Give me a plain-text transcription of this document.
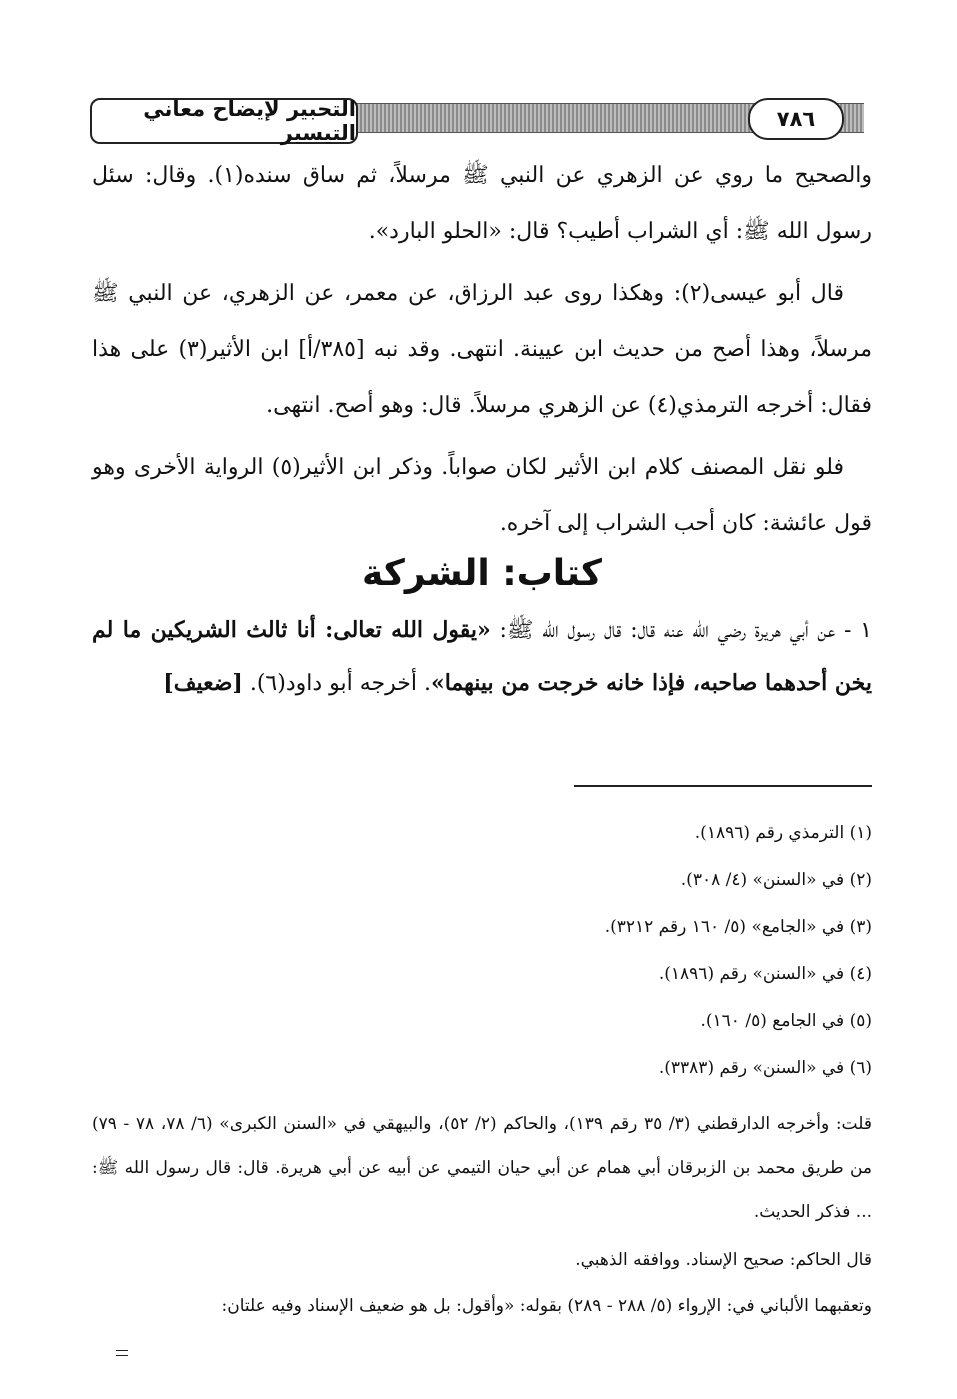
التحبير لإيضاح معاني التيسير
٧٨٦

والصحيح ما روي عن الزهري عن النبي ﷺ مرسلاً، ثم ساق سنده(١). وقال: سئل رسول الله ﷺ: أي الشراب أطيب؟ قال: «الحلو البارد».

قال أبو عيسى(٢): وهكذا روى عبد الرزاق، عن معمر، عن الزهري، عن النبي ﷺ مرسلاً، وهذا أصح من حديث ابن عيينة. انتهى. وقد نبه [٣٨٥/أ] ابن الأثير(٣) على هذا فقال: أخرجه الترمذي(٤) عن الزهري مرسلاً. قال: وهو أصح. انتهى.

فلو نقل المصنف كلام ابن الأثير لكان صواباً. وذكر ابن الأثير(٥) الرواية الأخرى وهو قول عائشة: كان أحب الشراب إلى آخره.

كتاب: الشركة
١ - عن أبي هريرة رضي الله عنه قال: قال رسول الله ﷺ: «يقول الله تعالى: أنا ثالث الشريكين ما لم يخن أحدهما صاحبه، فإذا خانه خرجت من بينهما». أخرجه أبو داود(٦). [ضعيف]

(١) الترمذي رقم (١٨٩٦).

(٢) في «السنن» (٤/ ٣٠٨).

(٣) في «الجامع» (٥/ ١٦٠ رقم ٣٢١٢).

(٤) في «السنن» رقم (١٨٩٦).

(٥) في الجامع (٥/ ١٦٠).

(٦) في «السنن» رقم (٣٣٨٣).

قلت: وأخرجه الدارقطني (٣/ ٣٥ رقم ١٣٩)، والحاكم (٢/ ٥٢)، والبيهقي في «السنن الكبرى» (٦/ ٧٨، ٧٨ - ٧٩) من طريق محمد بن الزبرقان أبي همام عن أبي حيان التيمي عن أبيه عن أبي هريرة. قال: قال رسول الله ﷺ: ... فذكر الحديث.

قال الحاكم: صحيح الإسناد. ووافقه الذهبي.

وتعقبهما الألباني في: الإرواء (٥/ ٢٨٨ - ٢٨٩) بقوله: «وأقول: بل هو ضعيف الإسناد وفيه علتان:
